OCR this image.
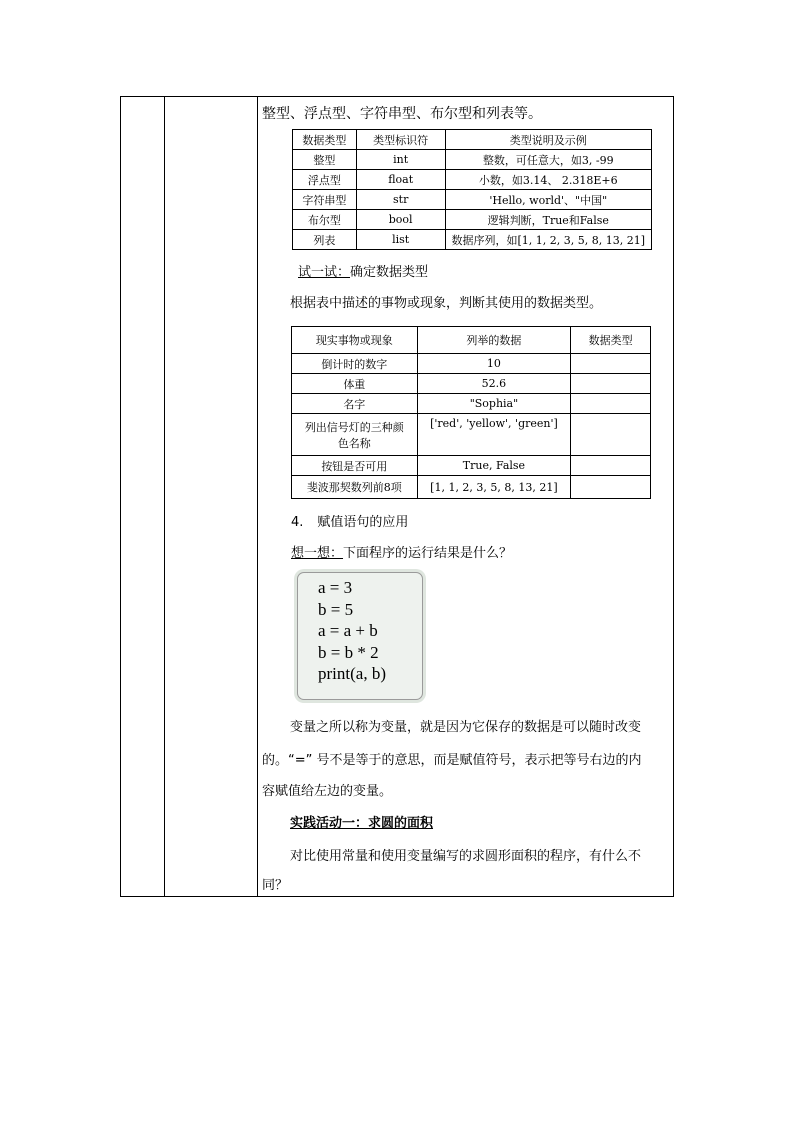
整型、浮点型、字符串型、布尔型和列表等。
数据类型	类型标识符	类型说明及示例
整型	int	整数，可任意大，如3, -99
浮点型	float	小数，如3.14、 2.318E+6
字符串型	str	'Hello, world'、"中国"
布尔型	bool	逻辑判断，True和False
列表	list	数据序列，如[1, 1, 2, 3, 5, 8, 13, 21]
试一试：确定数据类型
根据表中描述的事物或现象，判断其使用的数据类型。
现实事物或现象	列举的数据	数据类型
倒计时的数字	10	
体重	52.6	
名字	"Sophia"	
列出信号灯的三种颜色名称	['red', 'yellow', 'green']	
按钮是否可用	True, False	
斐波那契数列前8项	[1, 1, 2, 3, 5, 8, 13, 21]	
4. 赋值语句的应用
想一想：下面程序的运行结果是什么？
a = 3
b = 5
a = a + b
b = b * 2
print(a, b)
变量之所以称为变量，就是因为它保存的数据是可以随时改变
的。“=” 号不是等于的意思，而是赋值符号，表示把等号右边的内
容赋值给左边的变量。
实践活动一：求圆的面积
对比使用常量和使用变量编写的求圆形面积的程序，有什么不
同？
